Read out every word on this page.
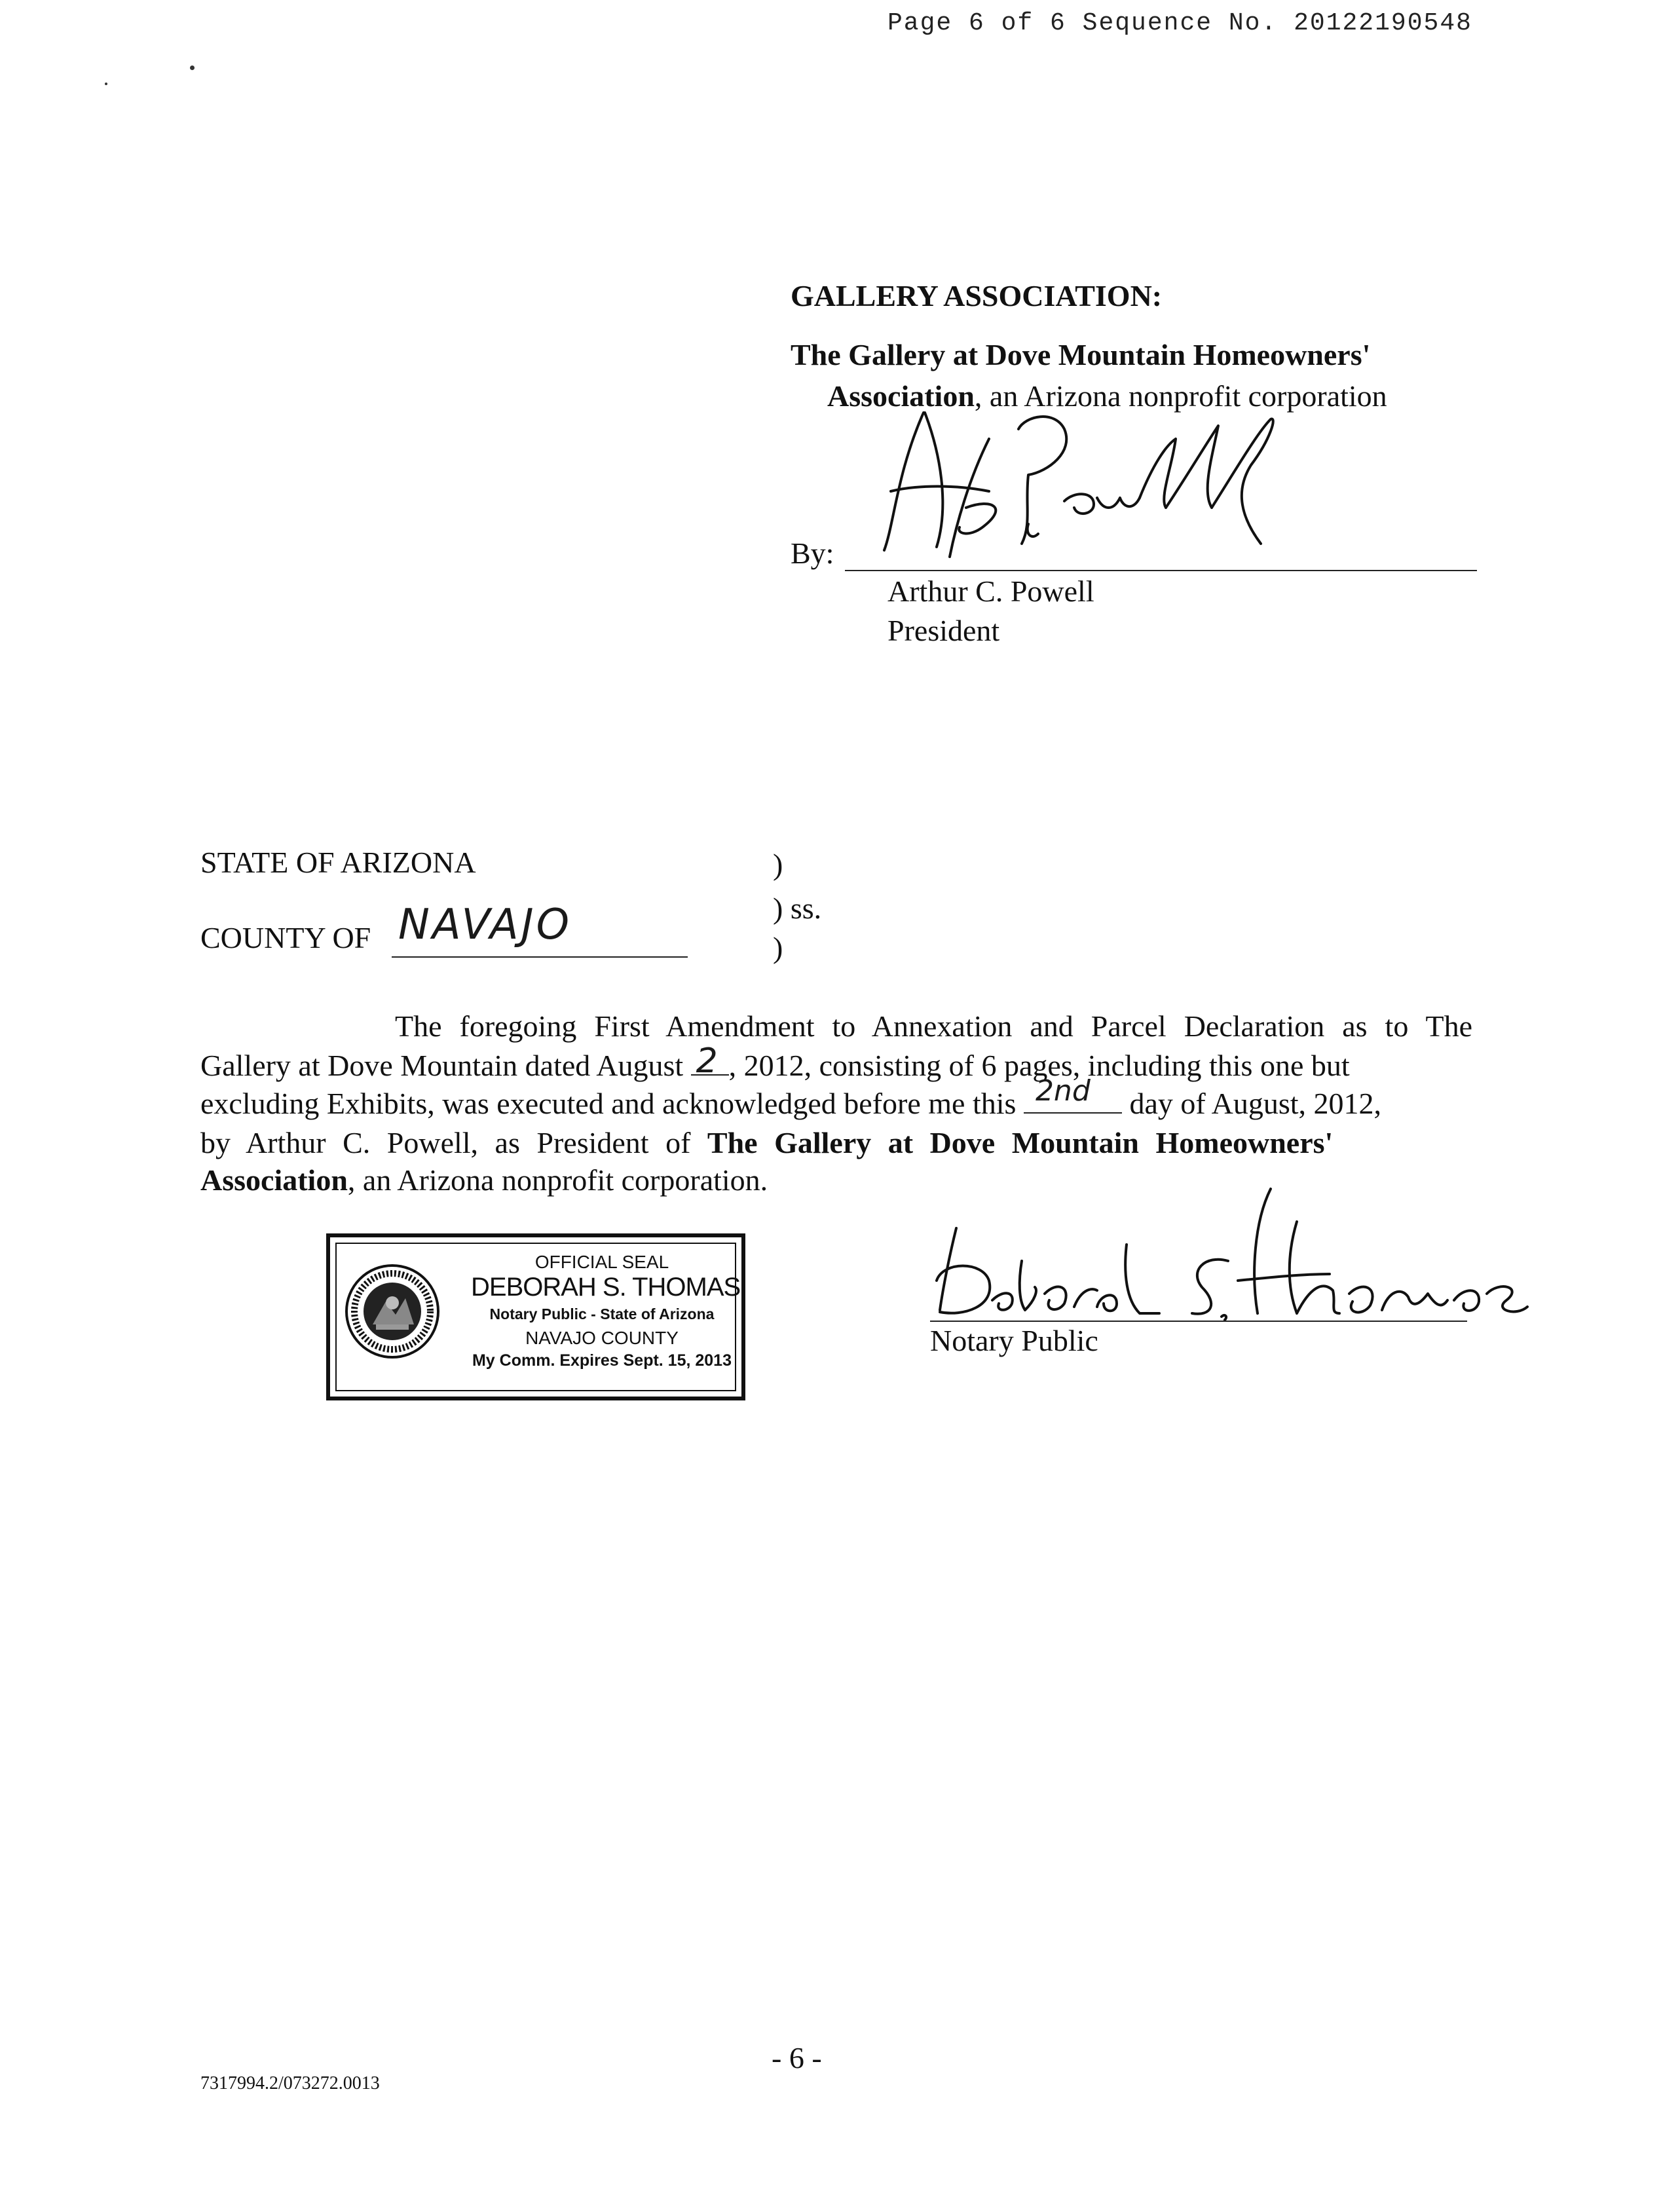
Page 6 of 6 Sequence No. 20122190548
GALLERY ASSOCIATION:
The Gallery at Dove Mountain Homeowners'
Association, an Arizona nonprofit corporation
By:
Arthur C. Powell
President
STATE OF ARIZONA
COUNTY OF NAVAJO
)
) ss.
)
The foregoing First Amendment to Annexation and Parcel Declaration as to The
Gallery at Dove Mountain dated August 2 , 2012, consisting of 6 pages, including this one but
excluding Exhibits, was executed and acknowledged before me this 2nd day of August, 2012,
by Arthur C. Powell, as President of The Gallery at Dove Mountain Homeowners'
Association, an Arizona nonprofit corporation.
OFFICIAL SEAL
DEBORAH S. THOMAS
Notary Public - State of Arizona
NAVAJO COUNTY
My Comm. Expires Sept. 15, 2013
Notary Public
- 6 -
7317994.2/073272.0013
